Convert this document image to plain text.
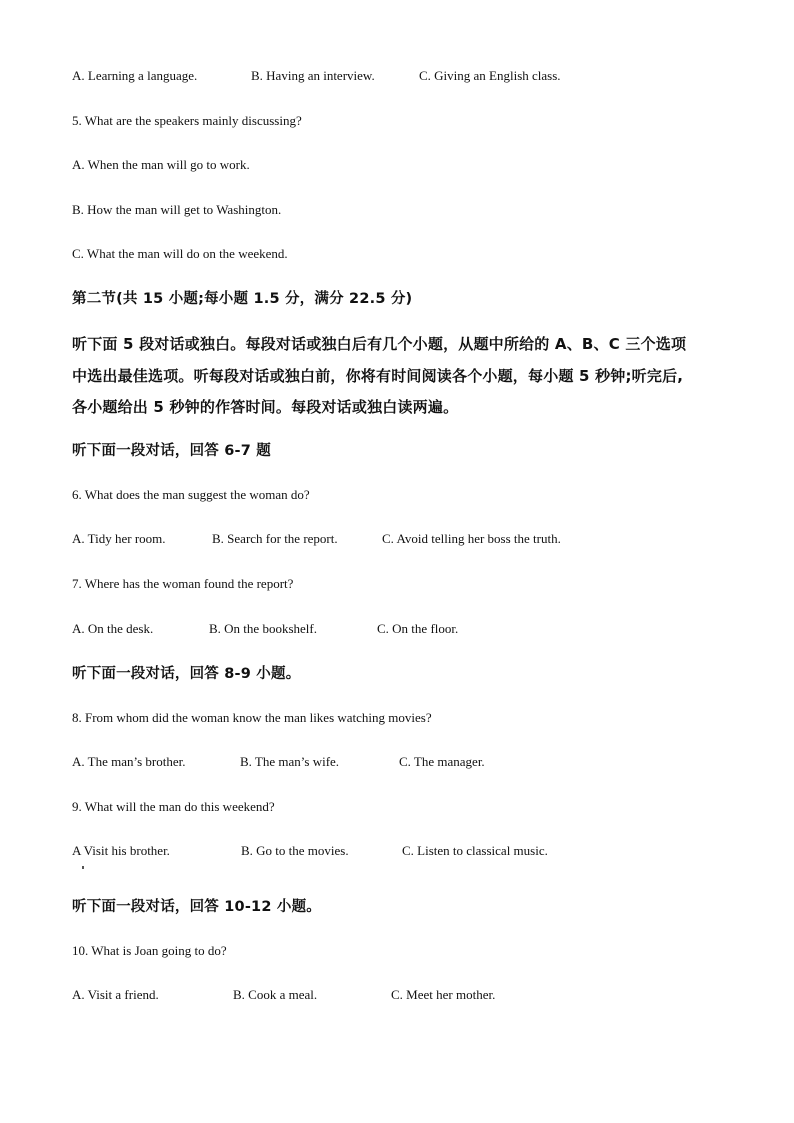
A. Learning a language.	B. Having an interview.	C. Giving an English class.
5. What are the speakers mainly discussing?
A. When the man will go to work.
B. How the man will get to Washington.
C. What the man will do on the weekend.
第二节(共 15 小题;每小题 1.5 分，满分 22.5 分)
听下面 5 段对话或独白。每段对话或独白后有几个小题，从题中所给的 A、B、C 三个选项
中选出最佳选项。听每段对话或独白前，你将有时间阅读各个小题，每小题 5 秒钟;听完后,
各小题给出 5 秒钟的作答时间。每段对话或独白读两遍。
听下面一段对话，回答 6-7 题
6. What does the man suggest the woman do?
A. Tidy her room.	B. Search for the report.	C. Avoid telling her boss the truth.
7. Where has the woman found the report?
A. On the desk.	B. On the bookshelf.	C. On the floor.
听下面一段对话，回答 8-9 小题。
8. From whom did the woman know the man likes watching movies?
A. The man’s brother.	B. The man’s wife.	C. The manager.
9. What will the man do this weekend?
A Visit his brother.	B. Go to the movies.	C. Listen to classical music.
听下面一段对话，回答 10-12 小题。
10. What is Joan going to do?
A. Visit a friend.	B. Cook a meal.	C. Meet her mother.
